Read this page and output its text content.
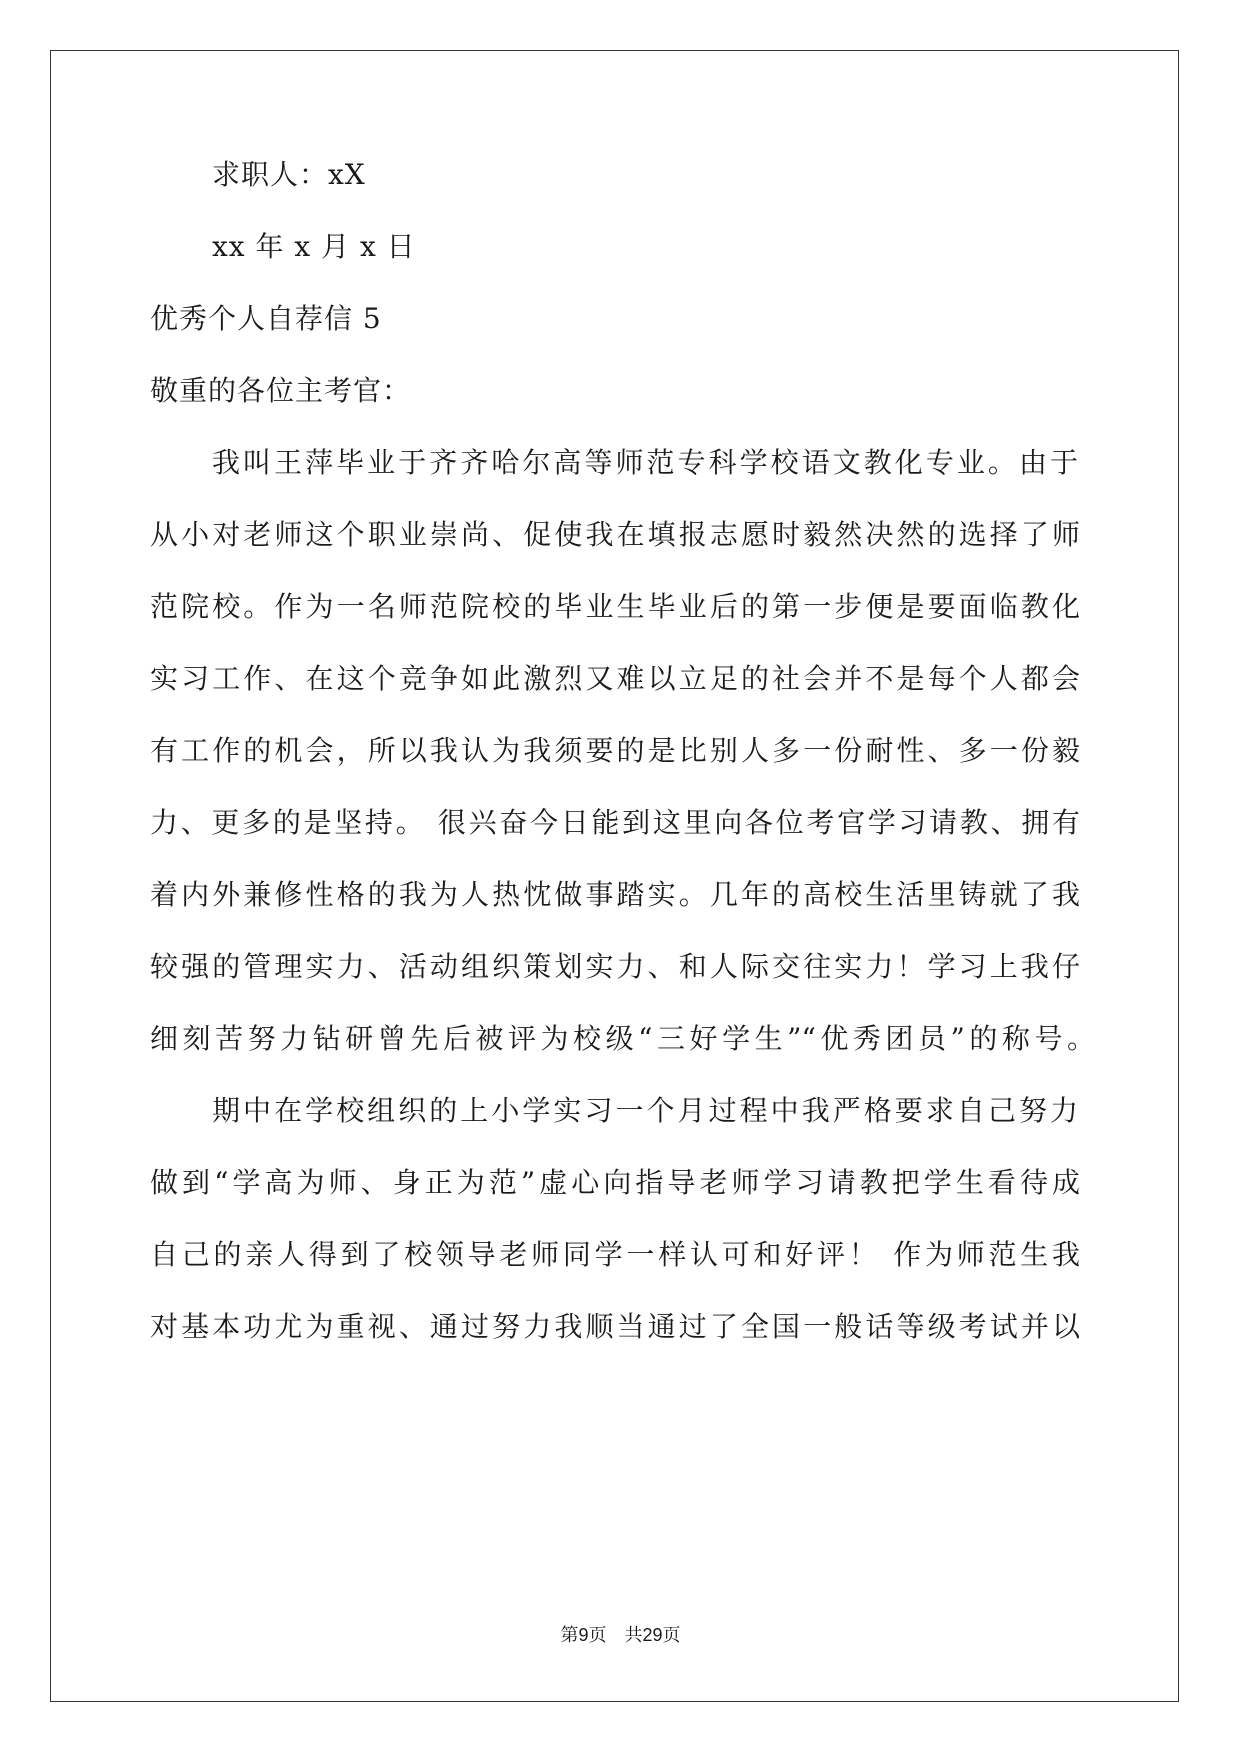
求职人：xX
xx 年 x 月 x 日
优秀个人自荐信 5
敬重的各位主考官：
我叫王萍毕业于齐齐哈尔高等师范专科学校语文教化专业。由于
从小对老师这个职业崇尚、促使我在填报志愿时毅然决然的选择了师
范院校。作为一名师范院校的毕业生毕业后的第一步便是要面临教化
实习工作、在这个竞争如此激烈又难以立足的社会并不是每个人都会
有工作的机会，所以我认为我须要的是比别人多一份耐性、多一份毅
力、更多的是坚持。 很兴奋今日能到这里向各位考官学习请教、拥有
着内外兼修性格的我为人热忱做事踏实。几年的高校生活里铸就了我
较强的管理实力、活动组织策划实力、和人际交往实力！学习上我仔
细刻苦努力钻研曾先后被评为校级“三好学生”“优秀团员”的称号。
期中在学校组织的上小学实习一个月过程中我严格要求自己努力
做到“学高为师、身正为范”虚心向指导老师学习请教把学生看待成
自己的亲人得到了校领导老师同学一样认可和好评！ 作为师范生我
对基本功尤为重视、通过努力我顺当通过了全国一般话等级考试并以
第9页 共29页
